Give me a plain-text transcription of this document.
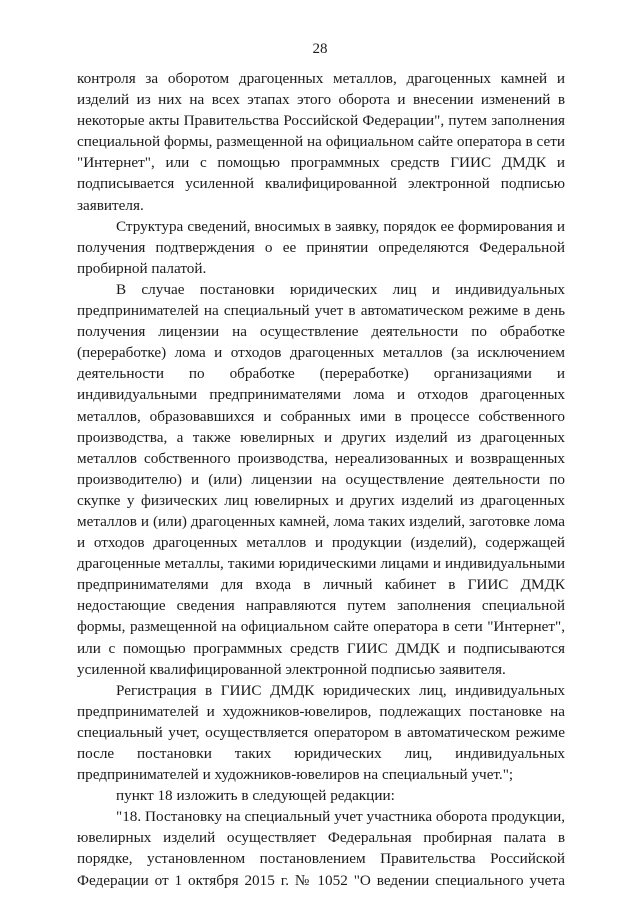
28

контроля за оборотом драгоценных металлов, драгоценных камней и изделий из них на всех этапах этого оборота и внесении изменений в некоторые акты Правительства Российской Федерации", путем заполнения специальной формы, размещенной на официальном сайте оператора в сети "Интернет", или с помощью программных средств ГИИС ДМДК и подписывается усиленной квалифицированной электронной подписью заявителя.

Структура сведений, вносимых в заявку, порядок ее формирования и получения подтверждения о ее принятии определяются Федеральной пробирной палатой.

В случае постановки юридических лиц и индивидуальных предпринимателей на специальный учет в автоматическом режиме в день получения лицензии на осуществление деятельности по обработке (переработке) лома и отходов драгоценных металлов (за исключением деятельности по обработке (переработке) организациями и индивидуальными предпринимателями лома и отходов драгоценных металлов, образовавшихся и собранных ими в процессе собственного производства, а также ювелирных и других изделий из драгоценных металлов собственного производства, нереализованных и возвращенных производителю) и (или) лицензии на осуществление деятельности по скупке у физических лиц ювелирных и других изделий из драгоценных металлов и (или) драгоценных камней, лома таких изделий, заготовке лома и отходов драгоценных металлов и продукции (изделий), содержащей драгоценные металлы, такими юридическими лицами и индивидуальными предпринимателями для входа в личный кабинет в ГИИС ДМДК недостающие сведения направляются путем заполнения специальной формы, размещенной на официальном сайте оператора в сети "Интернет", или с помощью программных средств ГИИС ДМДК и подписываются усиленной квалифицированной электронной подписью заявителя.

Регистрация в ГИИС ДМДК юридических лиц, индивидуальных предпринимателей и художников-ювелиров, подлежащих постановке на специальный учет, осуществляется оператором в автоматическом режиме после постановки таких юридических лиц, индивидуальных предпринимателей и художников-ювелиров на специальный учет.";

пункт 18 изложить в следующей редакции:

"18. Постановку на специальный учет участника оборота продукции, ювелирных изделий осуществляет Федеральная пробирная палата в порядке, установленном постановлением Правительства Российской Федерации от 1 октября 2015 г. № 1052 "О ведении специального учета
